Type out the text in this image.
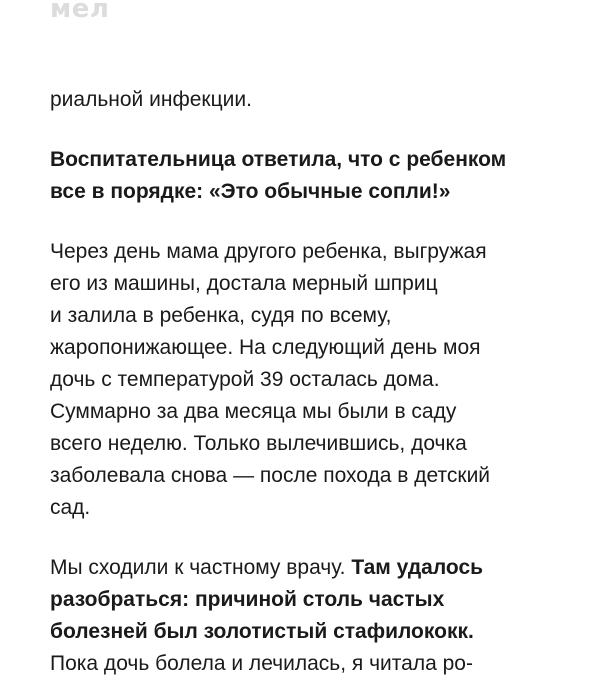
мел

риальной инфекции.

Воспитательница ответила, что с ребенком
все в порядке: «Это обычные сопли!»

Через день мама другого ребенка, выгружая
его из машины, достала мерный шприц
и залила в ребенка, судя по всему,
жаропонижающее. На следующий день моя
дочь с температурой 39 осталась дома.
Суммарно за два месяца мы были в саду
всего неделю. Только вылечившись, дочка
заболевала снова — после похода в детский
сад.

Мы сходили к частному врачу. Там удалось
разобраться: причиной столь частых
болезней был золотистый стафилококк.
Пока дочь болела и лечилась, я читала ро-
